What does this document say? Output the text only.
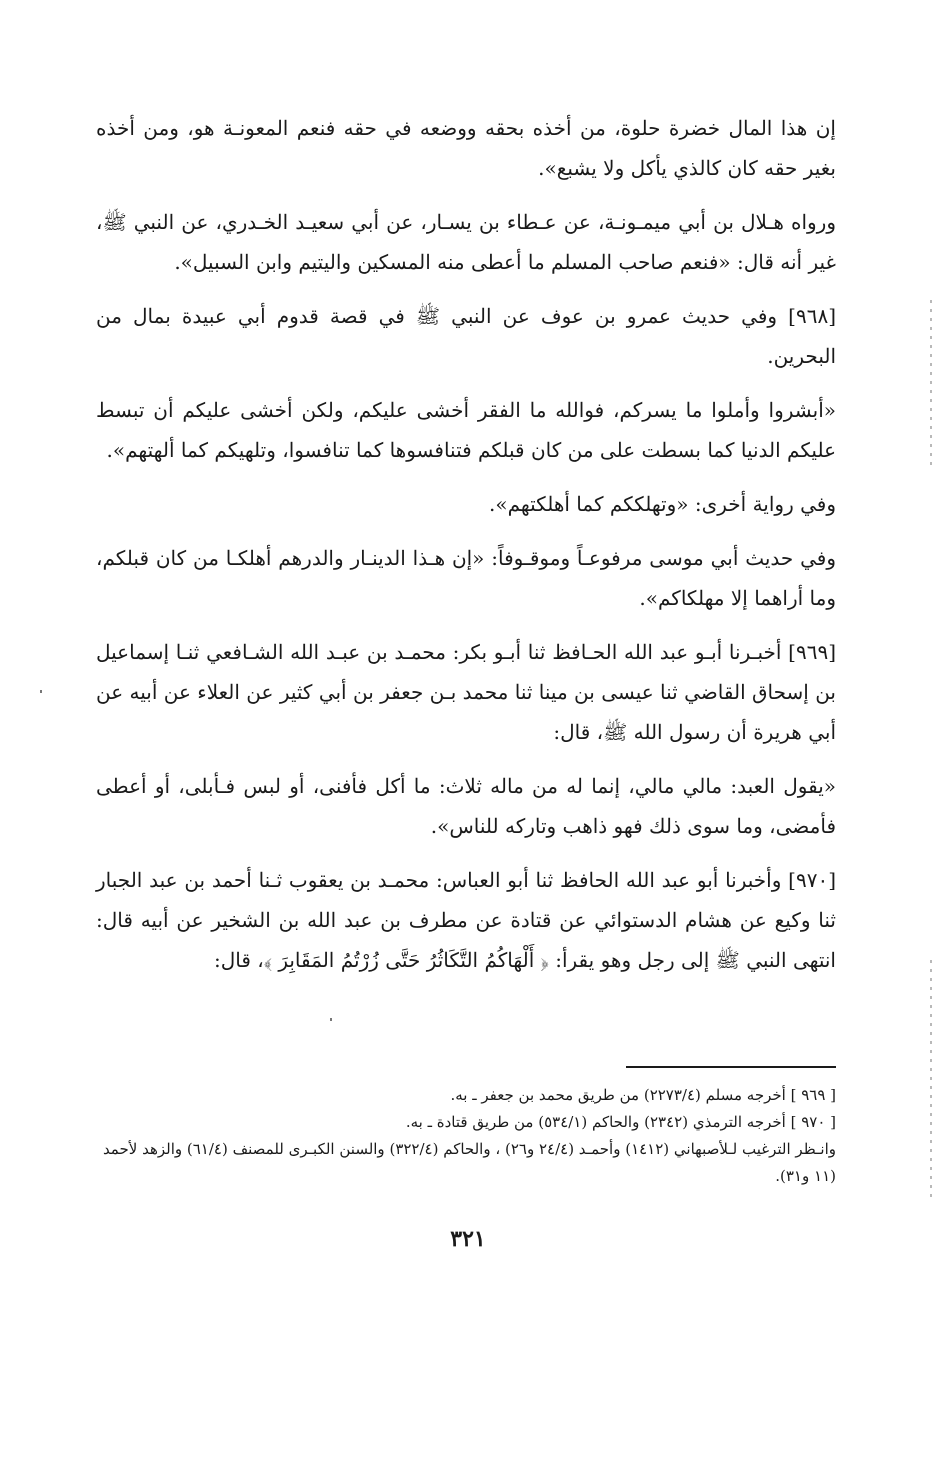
إن هذا المال خضرة حلوة، من أخذه بحقه ووضعه في حقه فنعم المعونـة هو، ومن أخذه بغير حقه كان كالذي يأكل ولا يشبع».

ورواه هـلال بن أبي ميمـونـة، عن عـطاء بن يسـار، عن أبي سعيـد الخـدري، عن النبي ﷺ، غير أنه قال: «فنعم صاحب المسلم ما أعطى منه المسكين واليتيم وابن السبيل».

[٩٦٨] وفي حديث عمرو بن عوف عن النبي ﷺ في قصة قدوم أبي عبيدة بمال من البحرين.

«أبشروا وأملوا ما يسركم، فوالله ما الفقر أخشى عليكم، ولكن أخشى عليكم أن تبسط عليكم الدنيا كما بسطت على من كان قبلكم فتنافسوها كما تنافسوا، وتلهيكم كما ألهتهم».

وفي رواية أخرى: «وتهلككم كما أهلكتهم».

وفي حديث أبي موسى مرفوعـاً وموقـوفاً: «إن هـذا الدينـار والدرهم أهلكـا من كان قبلكم، وما أراهما إلا مهلكاكم».

[٩٦٩] أخبـرنا أبـو عبد الله الحـافظ ثنا أبـو بكر: محمـد بن عبـد الله الشـافعي ثنـا إسماعيل بن إسحاق القاضي ثنا عيسى بن مينا ثنا محمد بـن جعفر بن أبي كثير عن العلاء عن أبيه عن أبي هريرة أن رسول الله ﷺ، قال:

«يقول العبد: مالي مالي، إنما له من ماله ثلاث: ما أكل فأفنى، أو لبس فـأبلى، أو أعطى فأمضى، وما سوى ذلك فهو ذاهب وتاركه للناس».

[٩٧٠] وأخبرنا أبو عبد الله الحافظ ثنا أبو العباس: محمـد بن يعقوب ثـنا أحمد بن عبد الجبار ثنا وكيع عن هشام الدستوائي عن قتادة عن مطرف بن عبد الله بن الشخير عن أبيه قال: انتهى النبي ﷺ إلى رجل وهو يقرأ: ﴿ أَلْهَاكُمُ التَّكَاثُرُ حَتَّى زُرْتُمُ المَقَابِرَ ﴾، قال:

[ ٩٦٩ ] أخرجه مسلم (٢٢٧٣/٤) من طريق محمد بن جعفر ـ به.

[ ٩٧٠ ] أخرجه الترمذي (٢٣٤٢) والحاكم (٥٣٤/١) من طريق قتادة ـ به.

وانـظر الترغيب لـلأصبهاني (١٤١٢) وأحمـد (٢٤/٤ و٢٦) ، والحاكم (٣٢٢/٤) والسنن الكبـرى للمصنف (٦١/٤) والزهد لأحمد (١١ و٣١).

٣٢١
